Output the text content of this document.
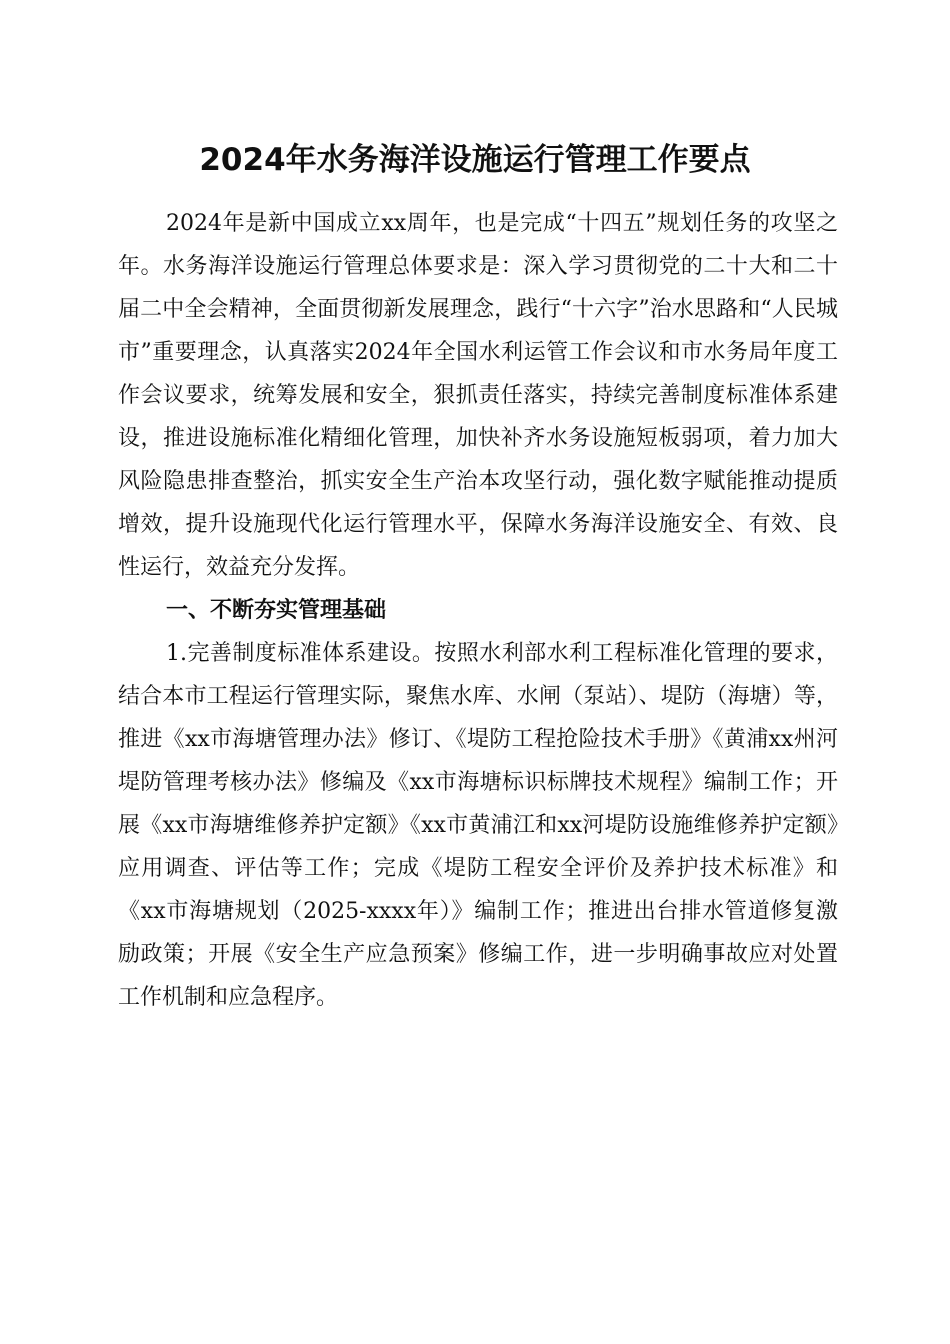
2024年水务海洋设施运行管理工作要点

2024年是新中国成立xx周年，也是完成“十四五”规划任务的攻坚之年。水务海洋设施运行管理总体要求是：深入学习贯彻党的二十大和二十届二中全会精神，全面贯彻新发展理念，践行“十六字”治水思路和“人民城市”重要理念，认真落实2024年全国水利运管工作会议和市水务局年度工作会议要求，统筹发展和安全，狠抓责任落实，持续完善制度标准体系建设，推进设施标准化精细化管理，加快补齐水务设施短板弱项，着力加大风险隐患排查整治，抓实安全生产治本攻坚行动，强化数字赋能推动提质增效，提升设施现代化运行管理水平，保障水务海洋设施安全、有效、良性运行，效益充分发挥。

一、不断夯实管理基础

1.完善制度标准体系建设。按照水利部水利工程标准化管理的要求，结合本市工程运行管理实际，聚焦水库、水闸（泵站）、堤防（海塘）等，推进《xx市海塘管理办法》修订、《堤防工程抢险技术手册》《黄浦xx州河堤防管理考核办法》修编及《xx市海塘标识标牌技术规程》编制工作；开展《xx市海塘维修养护定额》《xx市黄浦江和xx河堤防设施维修养护定额》应用调查、评估等工作；完成《堤防工程安全评价及养护技术标准》和《xx市海塘规划（2025-xxxx年）》编制工作；推进出台排水管道修复激励政策；开展《安全生产应急预案》修编工作，进一步明确事故应对处置工作机制和应急程序。
